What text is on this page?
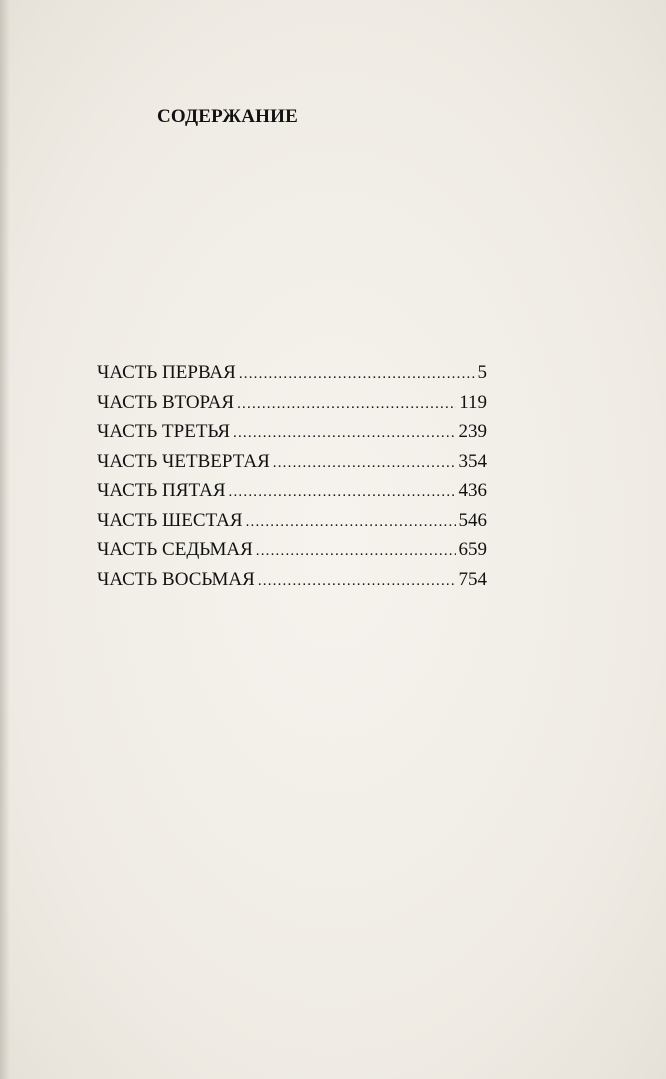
СОДЕРЖАНИЕ
ЧАСТЬ ПЕРВАЯ .....	5
ЧАСТЬ ВТОРАЯ .....	119
ЧАСТЬ ТРЕТЬЯ .....	239
ЧАСТЬ ЧЕТВЕРТАЯ .....	354
ЧАСТЬ ПЯТАЯ .....	436
ЧАСТЬ ШЕСТАЯ .....	546
ЧАСТЬ СЕДЬМАЯ .....	659
ЧАСТЬ ВОСЬМАЯ .....	754
